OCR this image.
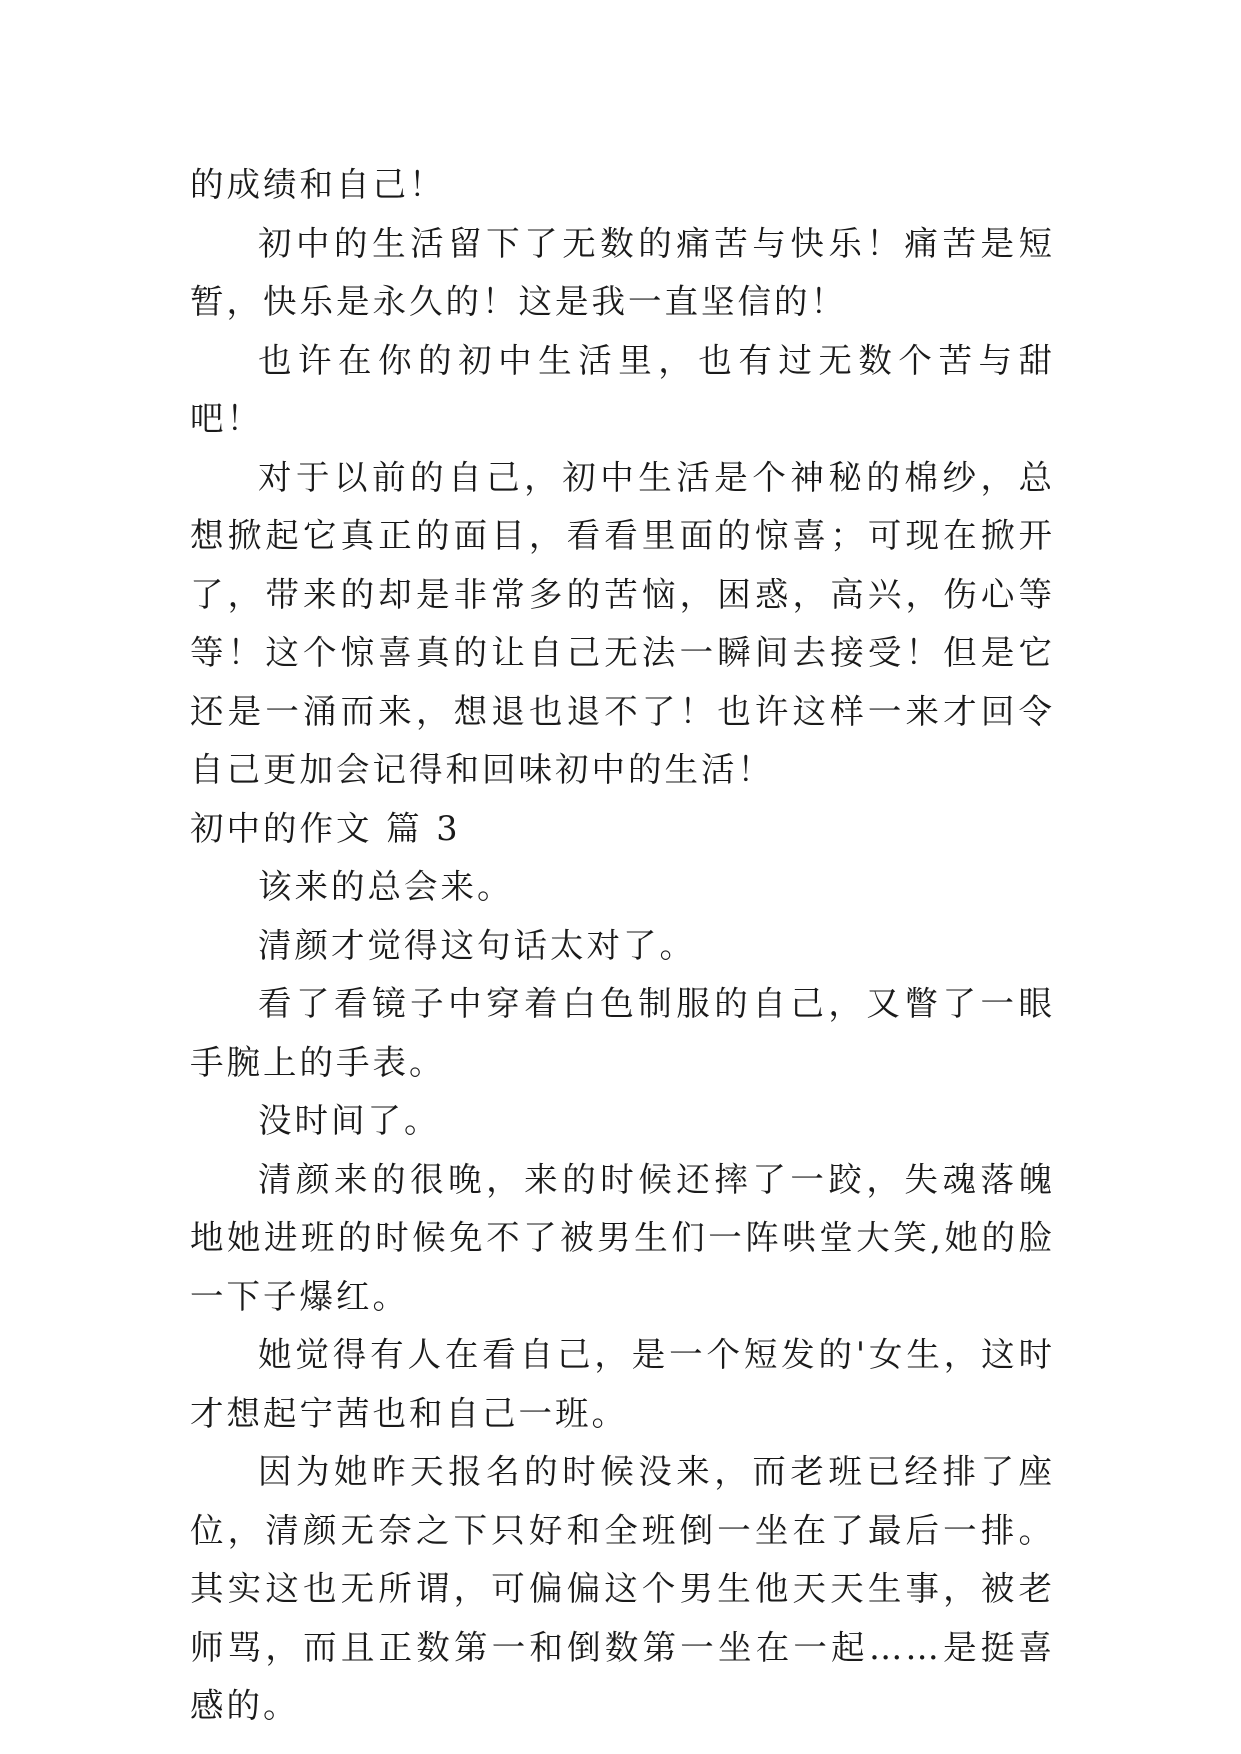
的成绩和自己！

初中的生活留下了无数的痛苦与快乐！痛苦是短暂，快乐是永久的！这是我一直坚信的！

也许在你的初中生活里，也有过无数个苦与甜吧！

对于以前的自己，初中生活是个神秘的棉纱，总想掀起它真正的面目，看看里面的惊喜；可现在掀开了，带来的却是非常多的苦恼，困惑，高兴，伤心等等！这个惊喜真的让自己无法一瞬间去接受！但是它还是一涌而来，想退也退不了！也许这样一来才回令自己更加会记得和回味初中的生活！

初中的作文 篇 3

该来的总会来。

清颜才觉得这句话太对了。

看了看镜子中穿着白色制服的自己，又瞥了一眼手腕上的手表。

没时间了。

清颜来的很晚，来的时候还摔了一跤，失魂落魄地她进班的时候免不了被男生们一阵哄堂大笑,她的脸一下子爆红。

她觉得有人在看自己，是一个短发的'女生，这时才想起宁茜也和自己一班。

因为她昨天报名的时候没来，而老班已经排了座位，清颜无奈之下只好和全班倒一坐在了最后一排。其实这也无所谓，可偏偏这个男生他天天生事，被老师骂，而且正数第一和倒数第一坐在一起……是挺喜感的。
